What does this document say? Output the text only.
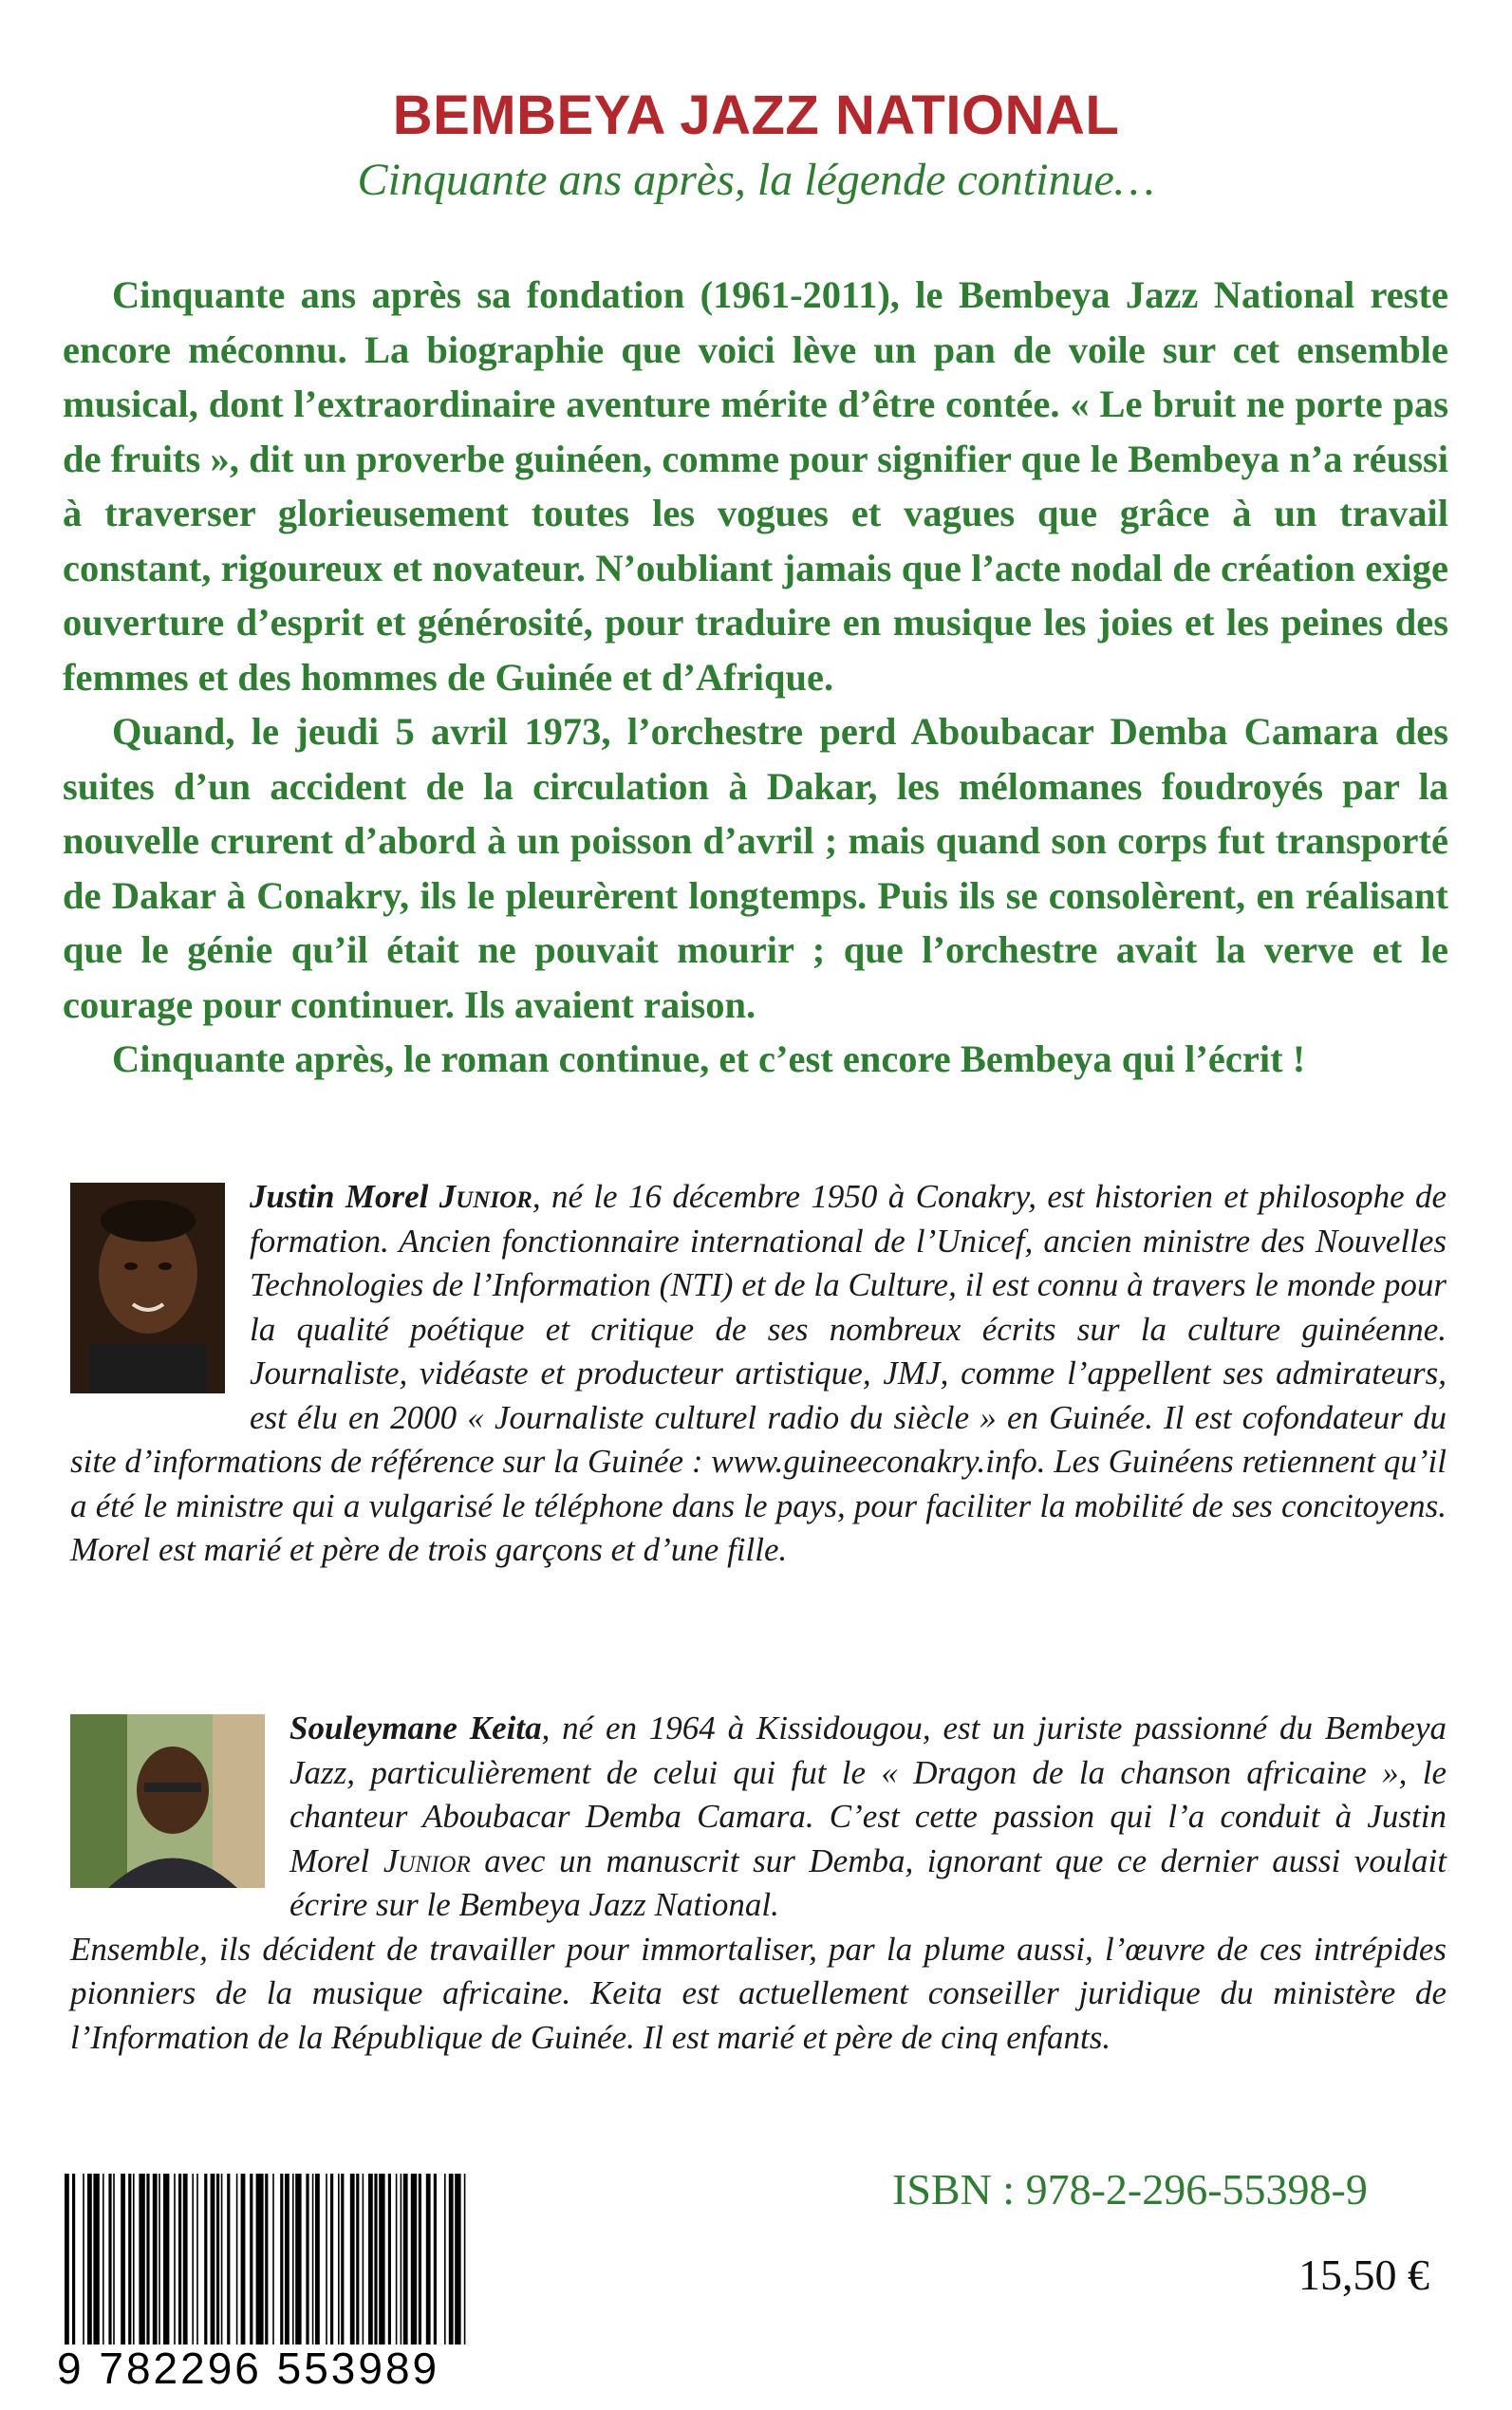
BEMBEYA JAZZ NATIONAL

Cinquante ans après, la légende continue…

Cinquante ans après sa fondation (1961-2011), le Bembeya Jazz National reste encore méconnu. La biographie que voici lève un pan de voile sur cet ensemble musical, dont l’extraordinaire aventure mérite d’être contée. « Le bruit ne porte pas de fruits », dit un proverbe guinéen, comme pour signifier que le Bembeya n’a réussi à traverser glorieusement toutes les vogues et vagues que grâce à un travail constant, rigoureux et novateur. N’oubliant jamais que l’acte nodal de création exige ouverture d’esprit et générosité, pour traduire en musique les joies et les peines des femmes et des hommes de Guinée et d’Afrique.

Quand, le jeudi 5 avril 1973, l’orchestre perd Aboubacar Demba Camara des suites d’un accident de la circulation à Dakar, les mélomanes foudroyés par la nouvelle crurent d’abord à un poisson d’avril ; mais quand son corps fut transporté de Dakar à Conakry, ils le pleurèrent longtemps. Puis ils se consolèrent, en réalisant que le génie qu’il était ne pouvait mourir ; que l’orchestre avait la verve et le courage pour continuer. Ils avaient raison.

Cinquante après, le roman continue, et c’est encore Bembeya qui l’écrit !

Justin Morel Junior, né le 16 décembre 1950 à Conakry, est historien et philosophe de formation. Ancien fonctionnaire international de l’Unicef, ancien ministre des Nouvelles Technologies de l’Information (NTI) et de la Culture, il est connu à travers le monde pour la qualité poétique et critique de ses nombreux écrits sur la culture guinéenne. Journaliste, vidéaste et producteur artistique, JMJ, comme l’appellent ses admirateurs, est élu en 2000 « Journaliste culturel radio du siècle » en Guinée. Il est cofondateur du site d’informations de référence sur la Guinée : www.guineeconakry.info. Les Guinéens retiennent qu’il a été le ministre qui a vulgarisé le téléphone dans le pays, pour faciliter la mobilité de ses concitoyens. Morel est marié et père de trois garçons et d’une fille.

Souleymane Keita, né en 1964 à Kissidougou, est un juriste passionné du Bembeya Jazz, particulièrement de celui qui fut le « Dragon de la chanson africaine », le chanteur Aboubacar Demba Camara. C’est cette passion qui l’a conduit à Justin Morel Junior avec un manuscrit sur Demba, ignorant que ce dernier aussi voulait écrire sur le Bembeya Jazz National.

Ensemble, ils décident de travailler pour immortaliser, par la plume aussi, l’œuvre de ces intrépides pionniers de la musique africaine. Keita est actuellement conseiller juridique du ministère de l’Information de la République de Guinée. Il est marié et père de cinq enfants.

9 782296 553989

ISBN : 978-2-296-55398-9

15,50 €
